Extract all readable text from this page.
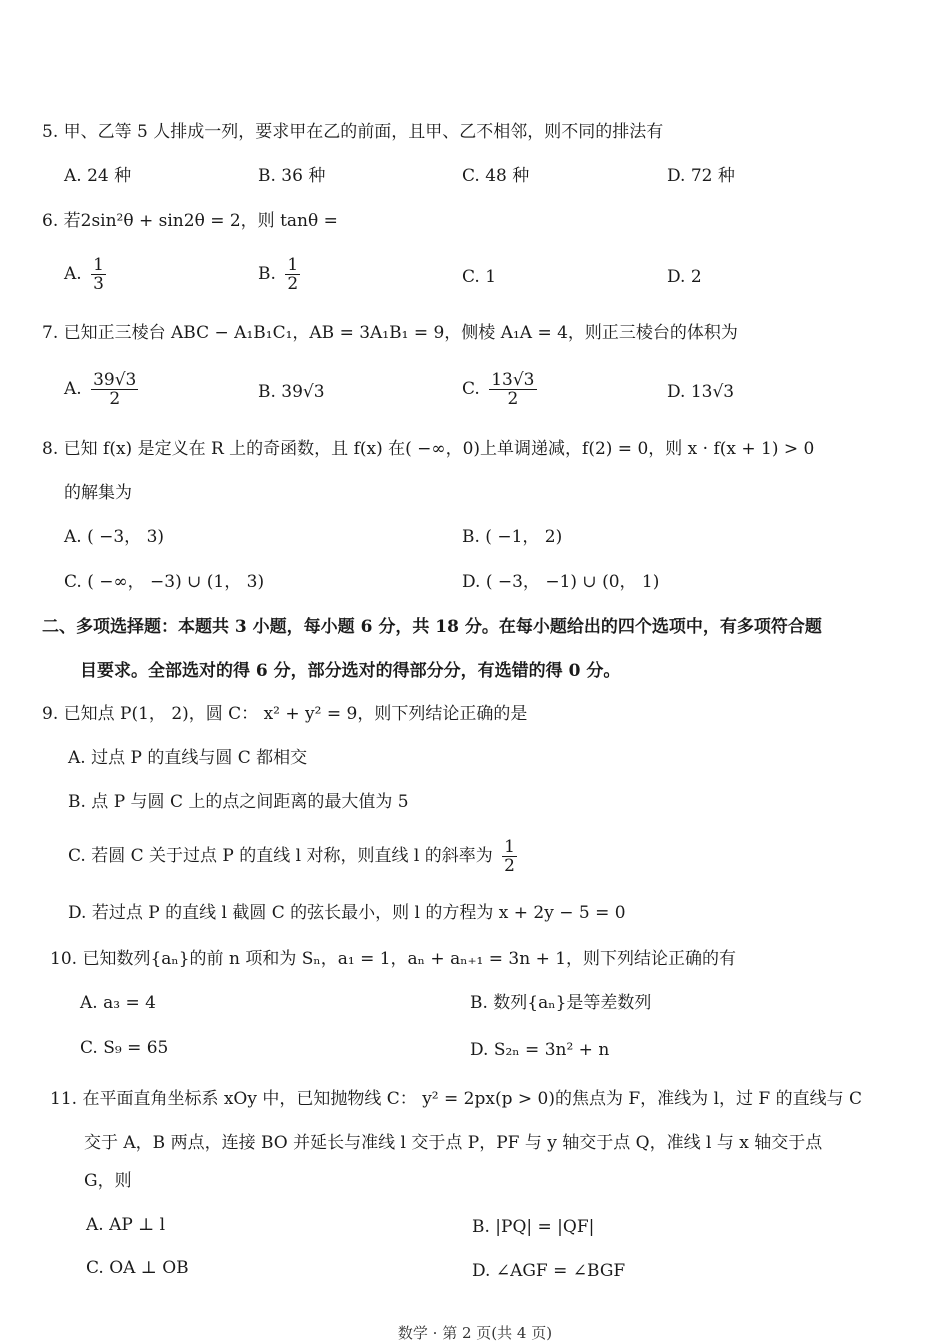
5. 甲、乙等 5 人排成一列，要求甲在乙的前面，且甲、乙不相邻，则不同的排法有
A. 24 种	B. 36 种	C. 48 种	D. 72 种
6. 若2sin²θ + sin2θ = 2，则 tanθ =
A. $\frac{1}{3}$	B. $\frac{1}{2}$	C. 1	D. 2
7. 已知正三棱台 ABC − A₁B₁C₁，AB = 3A₁B₁ = 9，侧棱 A₁A = 4，则正三棱台的体积为
A. $\frac{39√3}{2}$	B. 39√3	C. $\frac{13√3}{2}$	D. 13√3
8. 已知 f(x) 是定义在 R 上的奇函数，且 f(x) 在( −∞，0)上单调递减，f(2) = 0，则 x · f(x + 1) > 0
的解集为
A. ( −3， 3)	B. ( −1， 2)
C. ( −∞， −3) ∪ (1， 3)	D. ( −3， −1) ∪ (0， 1)
二、多项选择题：本题共 3 小题，每小题 6 分，共 18 分。在每小题给出的四个选项中，有多项符合题
目要求。全部选对的得 6 分，部分选对的得部分分，有选错的得 0 分。
9. 已知点 P(1， 2)，圆 C： x² + y² = 9，则下列结论正确的是
A. 过点 P 的直线与圆 C 都相交
B. 点 P 与圆 C 上的点之间距离的最大值为 5
C. 若圆 C 关于过点 P 的直线 l 对称，则直线 l 的斜率为 $\frac{1}{2}$
D. 若过点 P 的直线 l 截圆 C 的弦长最小，则 l 的方程为 x + 2y − 5 = 0
10. 已知数列{aₙ}的前 n 项和为 Sₙ，a₁ = 1，aₙ + aₙ₊₁ = 3n + 1，则下列结论正确的有
A. a₃ = 4	B. 数列{aₙ}是等差数列
C. S₉ = 65	D. S₂ₙ = 3n² + n
11. 在平面直角坐标系 xOy 中，已知抛物线 C： y² = 2px(p > 0)的焦点为 F，准线为 l，过 F 的直线与 C
交于 A，B 两点，连接 BO 并延长与准线 l 交于点 P，PF 与 y 轴交于点 Q，准线 l 与 x 轴交于点
G，则
A. AP ⊥ l	B. |PQ| = |QF|
C. OA ⊥ OB	D. ∠AGF = ∠BGF
数学 · 第 2 页(共 4 页)
